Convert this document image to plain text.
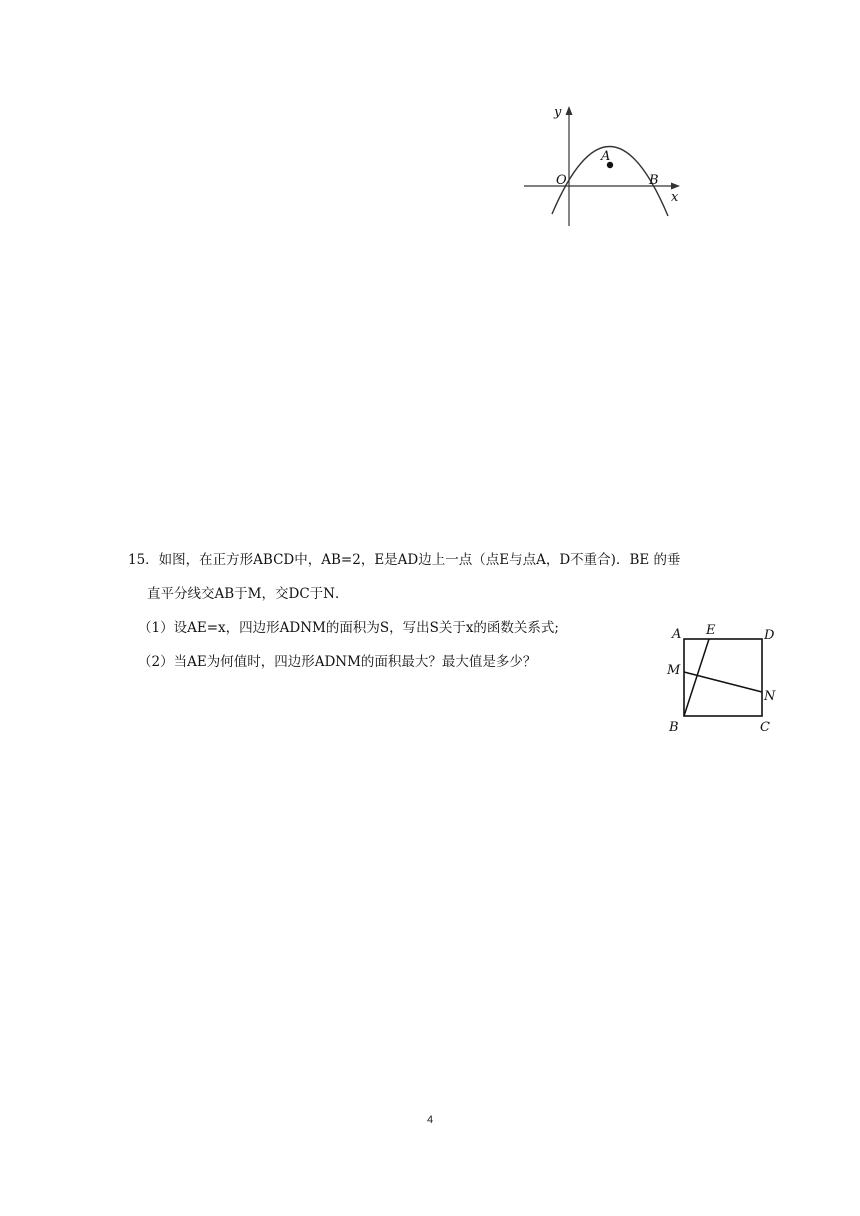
y
x
O
A
B
15．如图，在正方形ABCD中，AB=2，E是AD边上一点（点E与点A，D不重合)．BE 的垂
直平分线交AB于M，交DC于N．
（1）设AE=x，四边形ADNM的面积为S，写出S关于x的函数关系式;
（2）当AE为何值时，四边形ADNM的面积最大？最大值是多少？
A E	D
M
N
B	C
4
